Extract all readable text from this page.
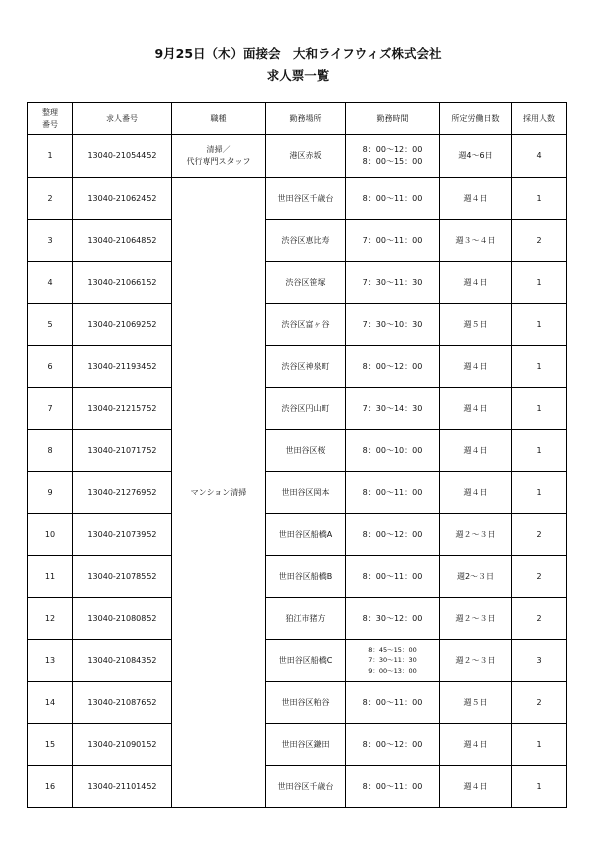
9月25日（木）面接会　大和ライフウィズ株式会社
求人票一覧
整理
番号	求人番号	職種	勤務場所	勤務時間	所定労働日数	採用人数
1	13040-21054452	清掃／
代行専門スタッフ	港区赤坂	8：00～12：00
8：00～15：00	週4～6日	4
2	13040-21062452	マンション清掃	世田谷区千歳台	8：00～11：00	週４日	1
3	13040-21064852		渋谷区恵比寿	7：00～11：00	週３～４日	2
4	13040-21066152		渋谷区笹塚	7：30～11：30	週４日	1
5	13040-21069252		渋谷区富ヶ谷	7：30～10：30	週５日	1
6	13040-21193452		渋谷区神泉町	8：00～12：00	週４日	1
7	13040-21215752		渋谷区円山町	7：30～14：30	週４日	1
8	13040-21071752		世田谷区桜	8：00～10：00	週４日	1
9	13040-21276952		世田谷区岡本	8：00～11：00	週４日	1
10	13040-21073952		世田谷区船橋A	8：00～12：00	週２～３日	2
11	13040-21078552		世田谷区船橋B	8：00～11：00	週2～３日	2
12	13040-21080852		狛江市猪方	8：30～12：00	週２～３日	2
13	13040-21084352		世田谷区船橋C	8：45～15：00
7：30～11：30
9：00～13：00	週２～３日	3
14	13040-21087652		世田谷区粕谷	8：00～11：00	週５日	2
15	13040-21090152		世田谷区鎌田	8：00～12：00	週４日	1
16	13040-21101452		世田谷区千歳台	8：00～11：00	週４日	1
